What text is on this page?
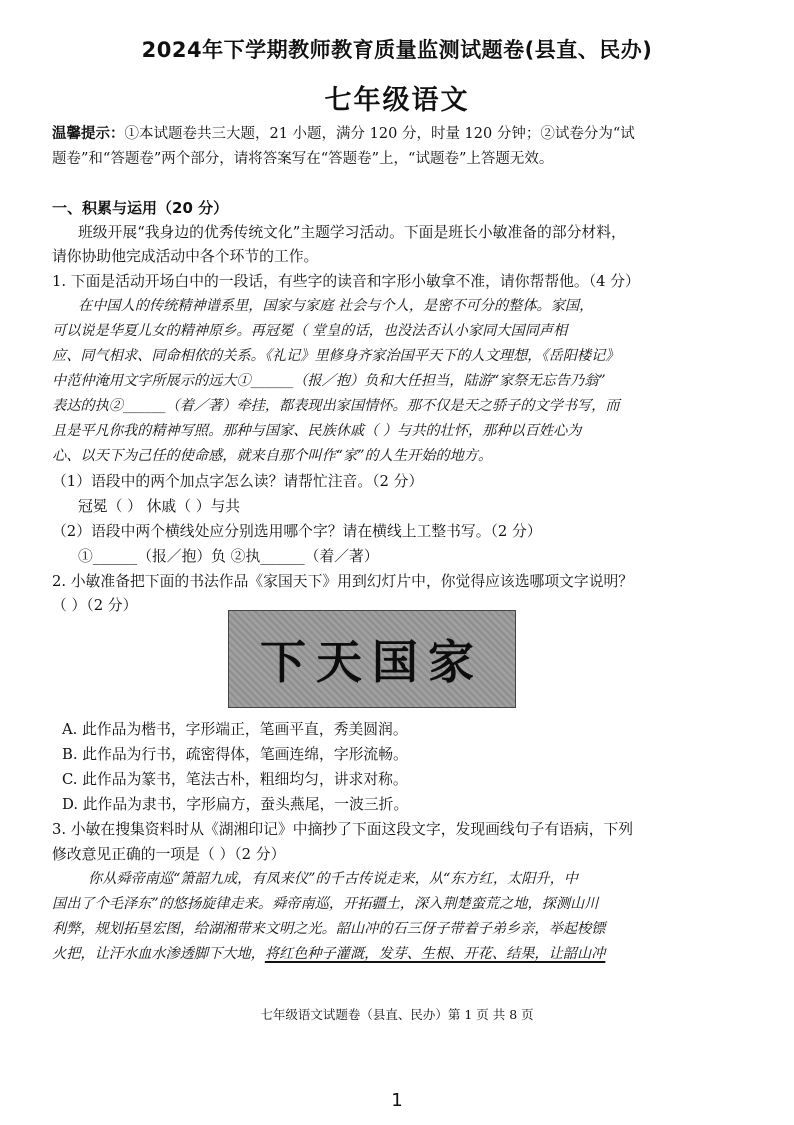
2024年下学期教师教育质量监测试题卷(县直、民办)
七年级语文
温馨提示：①本试题卷共三大题，21 小题，满分 120 分，时量 120 分钟；②试卷分为“试
题卷”和“答题卷”两个部分，请将答案写在“答题卷”上，“试题卷”上答题无效。
一、积累与运用（20 分）
班级开展“我身边的优秀传统文化”主题学习活动。下面是班长小敏准备的部分材料，
请你协助他完成活动中各个环节的工作。
1. 下面是活动开场白中的一段话，有些字的读音和字形小敏拿不准，请你帮帮他。（4 分）
在中国人的传统精神谱系里，国家与家庭 社会与个人，是密不可分的整体。家国，
可以说是华夏儿女的精神原乡。再冠冕（ 堂皇的话，也没法否认小家同大国同声相
应、同气相求、同命相依的关系。《礼记》里修身齐家治国平天下的人文理想，《岳阳楼记》
中范仲淹用文字所展示的远大①______（报／抱）负和大任担当，陆游“家祭无忘告乃翁”
表达的执②______（着／著）牵挂，都表现出家国情怀。那不仅是天之骄子的文学书写，而
且是平凡你我的精神写照。那种与国家、民族休戚（ ）与共的壮怀，那种以百姓心为
心、以天下为己任的使命感，就来自那个叫作“家”的人生开始的地方。
（1）语段中的两个加点字怎么读？请帮忙注音。（2 分）
冠冕（ ） 休戚（ ）与共
（2）语段中两个横线处应分别选用哪个字？请在横线上工整书写。（2 分）
①______（报／抱）负 ②执______（着／著）
2. 小敏准备把下面的书法作品《家国天下》用到幻灯片中，你觉得应该选哪项文字说明？
（ ）（2 分）
下天国家
A. 此作品为楷书，字形端正，笔画平直，秀美圆润。
B. 此作品为行书，疏密得体，笔画连绵，字形流畅。
C. 此作品为篆书，笔法古朴，粗细均匀，讲求对称。
D. 此作品为隶书，字形扁方，蚕头燕尾，一波三折。
3. 小敏在搜集资料时从《湖湘印记》中摘抄了下面这段文字，发现画线句子有语病，下列
修改意见正确的一项是（ ）（2 分）
你从舜帝南巡“箫韶九成，有凤来仪”的千古传说走来，从“东方红，太阳升，中
国出了个毛泽东”的悠扬旋律走来。舜帝南巡，开拓疆土，深入荆楚蛮荒之地，探测山川
利弊，规划拓垦宏图，给湖湘带来文明之光。韶山冲的石三伢子带着子弟乡亲，举起梭镖
火把，让汗水血水渗透脚下大地，将红色种子灌溉，发芽、生根、开花、结果，让韶山冲
七年级语文试题卷（县直、民办）第 1 页 共 8 页
1
